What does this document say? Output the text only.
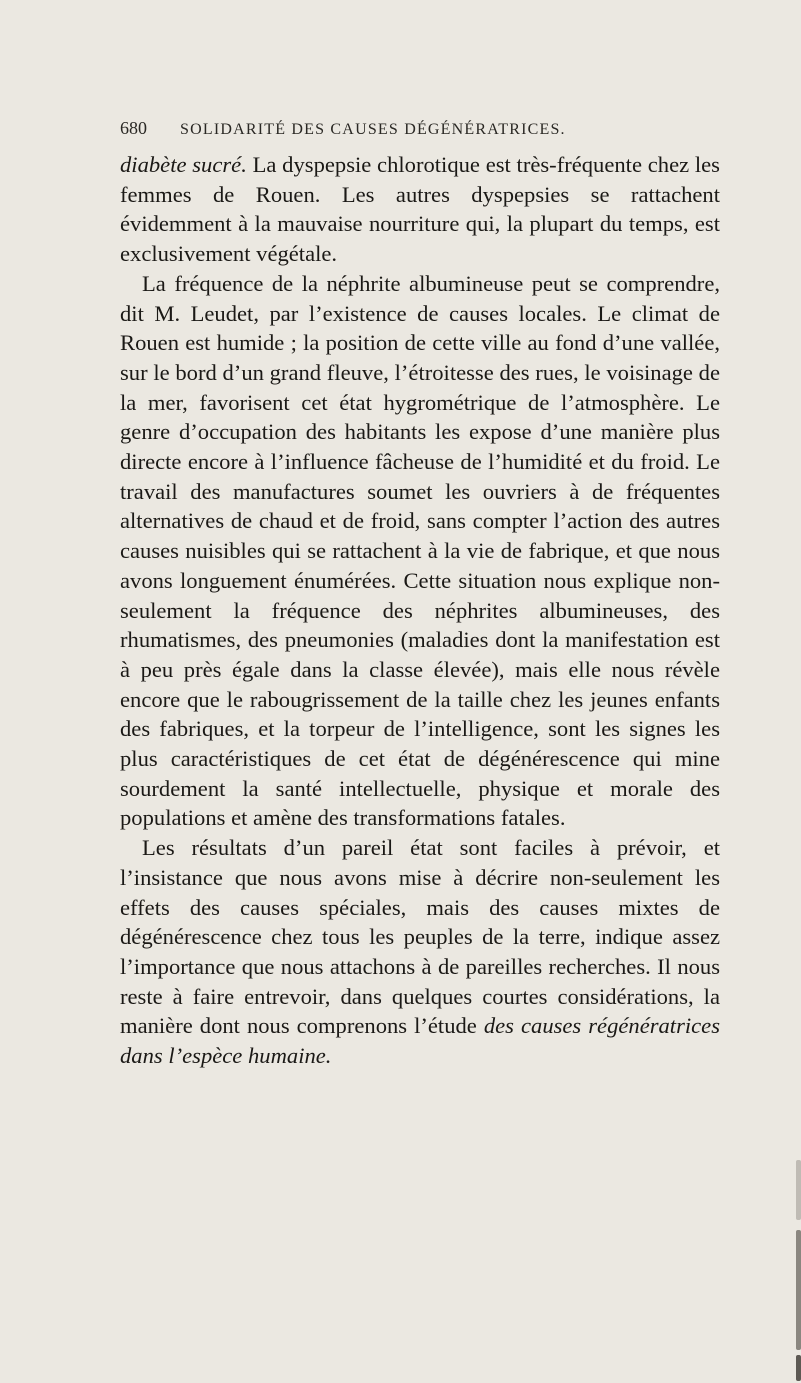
680 SOLIDARITÉ DES CAUSES DÉGÉNÉRATRICES.

diabète sucré. La dyspepsie chlorotique est très-fréquente chez les femmes de Rouen. Les autres dyspepsies se rattachent évidemment à la mauvaise nourriture qui, la plupart du temps, est exclusivement végétale.

La fréquence de la néphrite albumineuse peut se comprendre, dit M. Leudet, par l’existence de causes locales. Le climat de Rouen est humide ; la position de cette ville au fond d’une vallée, sur le bord d’un grand fleuve, l’étroitesse des rues, le voisinage de la mer, favorisent cet état hygrométrique de l’atmosphère. Le genre d’occupation des habitants les expose d’une manière plus directe encore à l’influence fâcheuse de l’humidité et du froid. Le travail des manufactures soumet les ouvriers à de fréquentes alternatives de chaud et de froid, sans compter l’action des autres causes nuisibles qui se rattachent à la vie de fabrique, et que nous avons longuement énumérées. Cette situation nous explique non-seulement la fréquence des néphrites albumineuses, des rhumatismes, des pneumonies (maladies dont la manifestation est à peu près égale dans la classe élevée), mais elle nous révèle encore que le rabougrissement de la taille chez les jeunes enfants des fabriques, et la torpeur de l’intelligence, sont les signes les plus caractéristiques de cet état de dégénérescence qui mine sourdement la santé intellectuelle, physique et morale des populations et amène des transformations fatales.

Les résultats d’un pareil état sont faciles à prévoir, et l’insistance que nous avons mise à décrire non-seulement les effets des causes spéciales, mais des causes mixtes de dégénérescence chez tous les peuples de la terre, indique assez l’importance que nous attachons à de pareilles recherches. Il nous reste à faire entrevoir, dans quelques courtes considérations, la manière dont nous comprenons l’étude des causes régénératrices dans l’espèce humaine.
